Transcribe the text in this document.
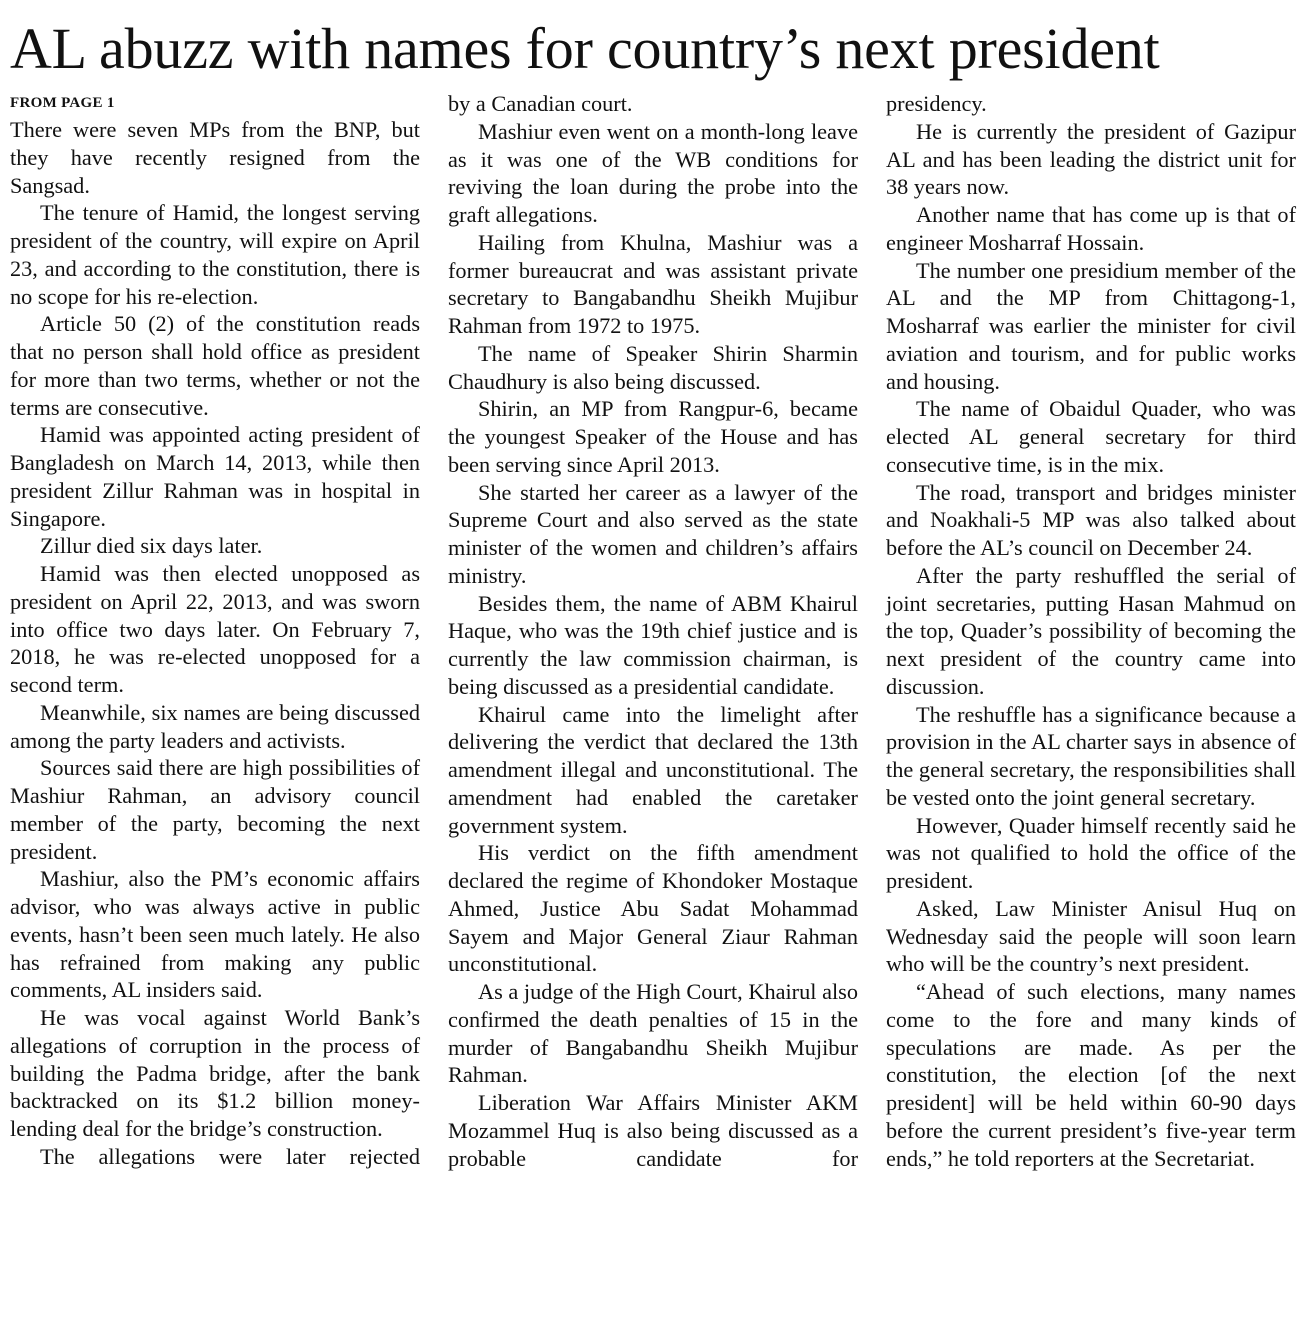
AL abuzz with names for country’s next president
FROM PAGE 1

There were seven MPs from the BNP, but they have recently resigned from the Sangsad.

The tenure of Hamid, the longest serving president of the country, will expire on April 23, and according to the constitution, there is no scope for his re-election.

Article 50 (2) of the constitution reads that no person shall hold office as president for more than two terms, whether or not the terms are consecutive.

Hamid was appointed acting president of Bangladesh on March 14, 2013, while then president Zillur Rahman was in hospital in Singapore.

Zillur died six days later.

Hamid was then elected unopposed as president on April 22, 2013, and was sworn into office two days later. On February 7, 2018, he was re-elected unopposed for a second term.

Meanwhile, six names are being discussed among the party leaders and activists.

Sources said there are high possibilities of Mashiur Rahman, an advisory council member of the party, becoming the next president.

Mashiur, also the PM’s economic affairs advisor, who was always active in public events, hasn’t been seen much lately. He also has refrained from making any public comments, AL insiders said.

He was vocal against World Bank’s allegations of corruption in the process of building the Padma bridge, after the bank backtracked on its $1.2 billion money-lending deal for the bridge’s construction.

The allegations were later rejected

by a Canadian court.

Mashiur even went on a month-long leave as it was one of the WB conditions for reviving the loan during the probe into the graft allegations.

Hailing from Khulna, Mashiur was a former bureaucrat and was assistant private secretary to Bangabandhu Sheikh Mujibur Rahman from 1972 to 1975.

The name of Speaker Shirin Sharmin Chaudhury is also being discussed.

Shirin, an MP from Rangpur-6, became the youngest Speaker of the House and has been serving since April 2013.

She started her career as a lawyer of the Supreme Court and also served as the state minister of the women and children’s affairs ministry.

Besides them, the name of ABM Khairul Haque, who was the 19th chief justice and is currently the law commission chairman, is being discussed as a presidential candidate.

Khairul came into the limelight after delivering the verdict that declared the 13th amendment illegal and unconstitutional. The amendment had enabled the caretaker government system.

His verdict on the fifth amendment declared the regime of Khondoker Mostaque Ahmed, Justice Abu Sadat Mohammad Sayem and Major General Ziaur Rahman unconstitutional.

As a judge of the High Court, Khairul also confirmed the death penalties of 15 in the murder of Bangabandhu Sheikh Mujibur Rahman.

Liberation War Affairs Minister AKM Mozammel Huq is also being discussed as a probable candidate for

presidency.

He is currently the president of Gazipur AL and has been leading the district unit for 38 years now.

Another name that has come up is that of engineer Mosharraf Hossain.

The number one presidium member of the AL and the MP from Chittagong-1, Mosharraf was earlier the minister for civil aviation and tourism, and for public works and housing.

The name of Obaidul Quader, who was elected AL general secretary for third consecutive time, is in the mix.

The road, transport and bridges minister and Noakhali-5 MP was also talked about before the AL’s council on December 24.

After the party reshuffled the serial of joint secretaries, putting Hasan Mahmud on the top, Quader’s possibility of becoming the next president of the country came into discussion.

The reshuffle has a significance because a provision in the AL charter says in absence of the general secretary, the responsibilities shall be vested onto the joint general secretary.

However, Quader himself recently said he was not qualified to hold the office of the president.

Asked, Law Minister Anisul Huq on Wednesday said the people will soon learn who will be the country’s next president.

“Ahead of such elections, many names come to the fore and many kinds of speculations are made. As per the constitution, the election [of the next president] will be held within 60-90 days before the current president’s five-year term ends,” he told reporters at the Secretariat.
